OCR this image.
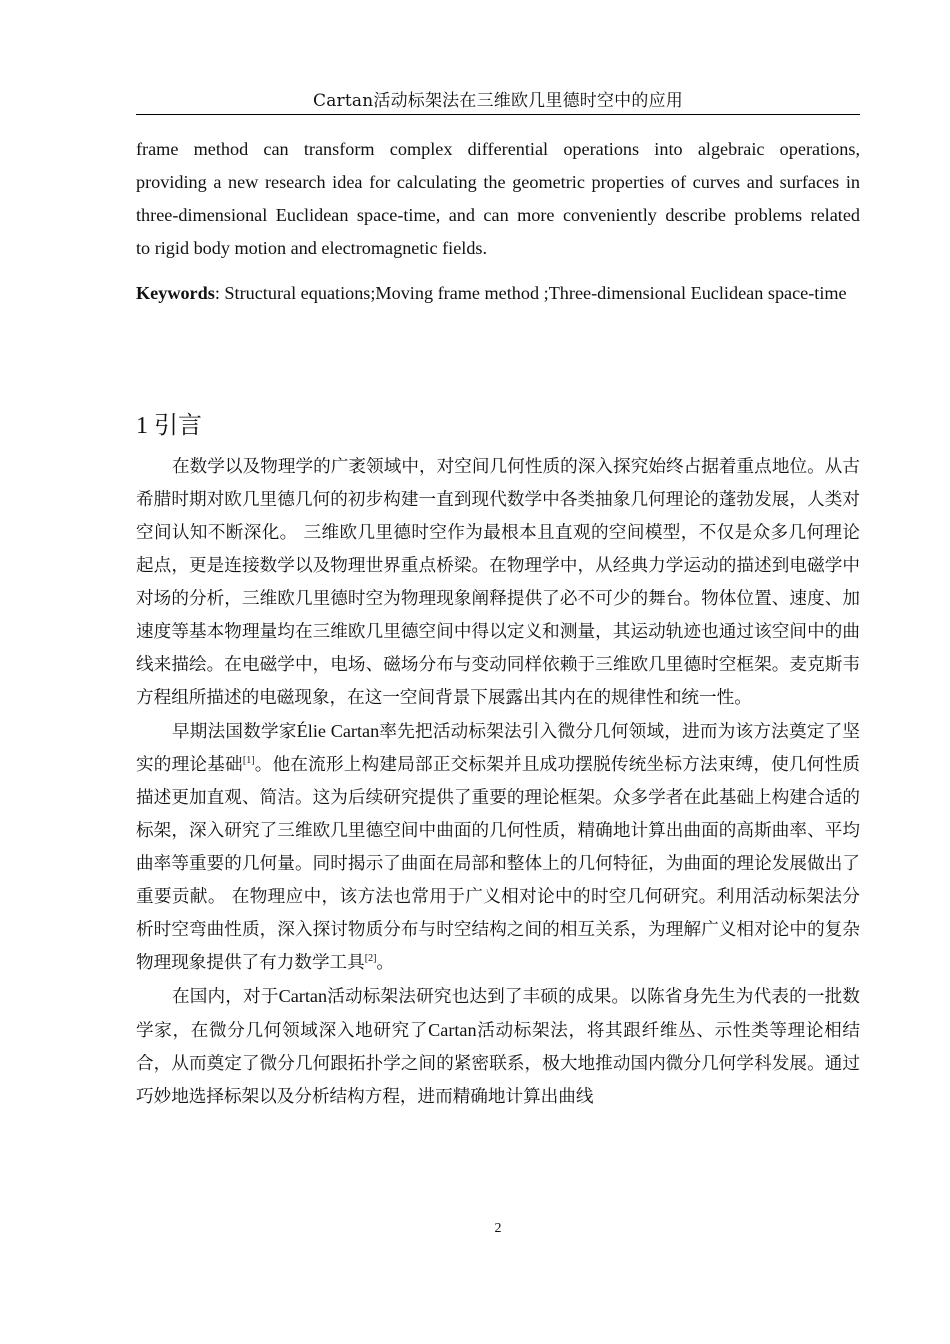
Cartan活动标架法在三维欧几里德时空中的应用

frame method can transform complex differential operations into algebraic operations,

providing a new research idea for calculating the geometric properties of curves and surfaces in

three-dimensional Euclidean space-time, and can more conveniently describe problems related

to rigid body motion and electromagnetic fields.

Keywords: Structural equations;Moving frame method ;Three-dimensional Euclidean space-time

1 引言

在数学以及物理学的广袤领域中，对空间几何性质的深入探究始终占据着重点地位。从古希腊时期对欧几里德几何的初步构建一直到现代数学中各类抽象几何理论的蓬勃发展，人类对空间认知不断深化。 三维欧几里德时空作为最根本且直观的空间模型，不仅是众多几何理论起点，更是连接数学以及物理世界重点桥梁。在物理学中，从经典力学运动的描述到电磁学中对场的分析，三维欧几里德时空为物理现象阐释提供了必不可少的舞台。物体位置、速度、加速度等基本物理量均在三维欧几里德空间中得以定义和测量，其运动轨迹也通过该空间中的曲线来描绘。在电磁学中，电场、磁场分布与变动同样依赖于三维欧几里德时空框架。麦克斯韦方程组所描述的电磁现象，在这一空间背景下展露出其内在的规律性和统一性。

早期法国数学家Élie Cartan率先把活动标架法引入微分几何领域，进而为该方法奠定了坚实的理论基础[1]。他在流形上构建局部正交标架并且成功摆脱传统坐标方法束缚，使几何性质描述更加直观、简洁。这为后续研究提供了重要的理论框架。众多学者在此基础上构建合适的标架，深入研究了三维欧几里德空间中曲面的几何性质，精确地计算出曲面的高斯曲率、平均曲率等重要的几何量。同时揭示了曲面在局部和整体上的几何特征，为曲面的理论发展做出了重要贡献。 在物理应中，该方法也常用于广义相对论中的时空几何研究。利用活动标架法分析时空弯曲性质，深入探讨物质分布与时空结构之间的相互关系，为理解广义相对论中的复杂物理现象提供了有力数学工具[2]。

在国内，对于Cartan活动标架法研究也达到了丰硕的成果。以陈省身先生为代表的一批数学家，在微分几何领域深入地研究了Cartan活动标架法，将其跟纤维丛、示性类等理论相结合，从而奠定了微分几何跟拓扑学之间的紧密联系，极大地推动国内微分几何学科发展。通过巧妙地选择标架以及分析结构方程，进而精确地计算出曲线

2
